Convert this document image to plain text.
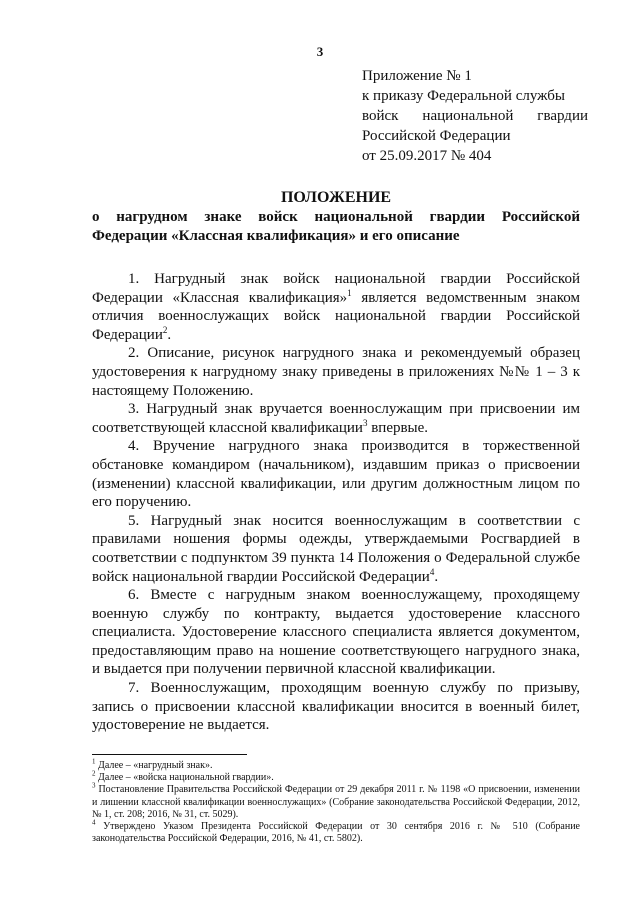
3
Приложение № 1
к приказу Федеральной службы
войск национальной гвардии
Российской Федерации
от 25.09.2017 № 404
ПОЛОЖЕНИЕ
о нагрудном знаке войск национальной гвардии Российской Федерации «Классная квалификация» и его описание

1. Нагрудный знак войск национальной гвардии Российской Федерации «Классная квалификация»$^1$ является ведомственным знаком отличия военнослужащих войск национальной гвардии Российской Федерации$^2$.

2. Описание, рисунок нагрудного знака и рекомендуемый образец удостоверения к нагрудному знаку приведены в приложениях №№ 1 – 3 к настоящему Положению.

3. Нагрудный знак вручается военнослужащим при присвоении им соответствующей классной квалификации$^3$ впервые.

4. Вручение нагрудного знака производится в торжественной обстановке командиром (начальником), издавшим приказ о присвоении (изменении) классной квалификации, или другим должностным лицом по его поручению.

5. Нагрудный знак носится военнослужащим в соответствии с правилами ношения формы одежды, утверждаемыми Росгвардией в соответствии с подпунктом 39 пункта 14 Положения о Федеральной службе войск национальной гвардии Российской Федерации$^4$.

6. Вместе с нагрудным знаком военнослужащему, проходящему военную службу по контракту, выдается удостоверение классного специалиста. Удостоверение классного специалиста является документом, предоставляющим право на ношение соответствующего нагрудного знака, и выдается при получении первичной классной квалификации.

7. Военнослужащим, проходящим военную службу по призыву, запись о присвоении классной квалификации вносится в военный билет, удостоверение не выдается.

$^1$ Далее – «нагрудный знак».

$^2$ Далее – «войска национальной гвардии».

$^3$ Постановление Правительства Российской Федерации от 29 декабря 2011 г. № 1198 «О присвоении, изменении и лишении классной квалификации военнослужащих» (Собрание законодательства Российской Федерации, 2012, № 1, ст. 208; 2016, № 31, ст. 5029).

$^4$ Утверждено Указом Президента Российской Федерации от 30 сентября 2016 г. № 510 (Собрание законодательства Российской Федерации, 2016, № 41, ст. 5802).
